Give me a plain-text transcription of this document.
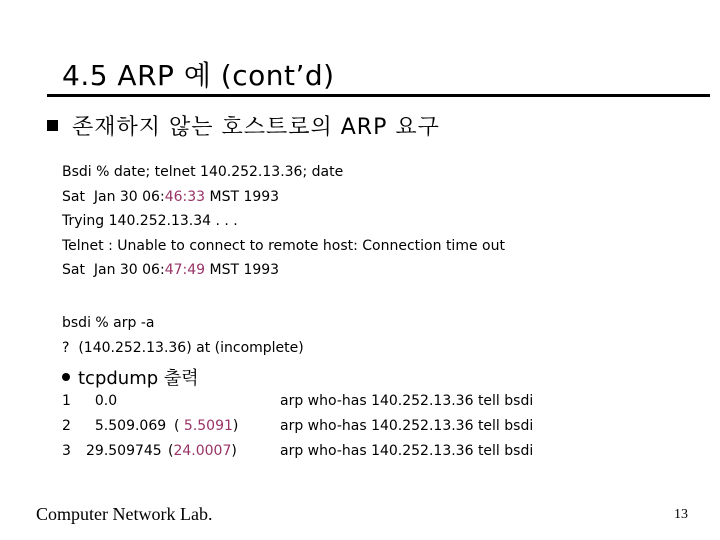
4.5 ARP 예 (cont’d)
존재하지 않는 호스트로의 ARP 요구
Bsdi % date; telnet 140.252.13.36; date
Sat  Jan 30 06:46:33 MST 1993
Trying 140.252.13.34 . . .
Telnet : Unable to connect to remote host: Connection time out
Sat  Jan 30 06:47:49 MST 1993
bsdi % arp -a
?  (140.252.13.36) at (incomplete)
tcpdump 출력
1 0.0	arp who-has 140.252.13.36 tell bsdi
2 5.509.069 ( 5.5091)	arp who-has 140.252.13.36 tell bsdi
3 29.509745 (24.0007)	arp who-has 140.252.13.36 tell bsdi
Computer Network Lab.	13
